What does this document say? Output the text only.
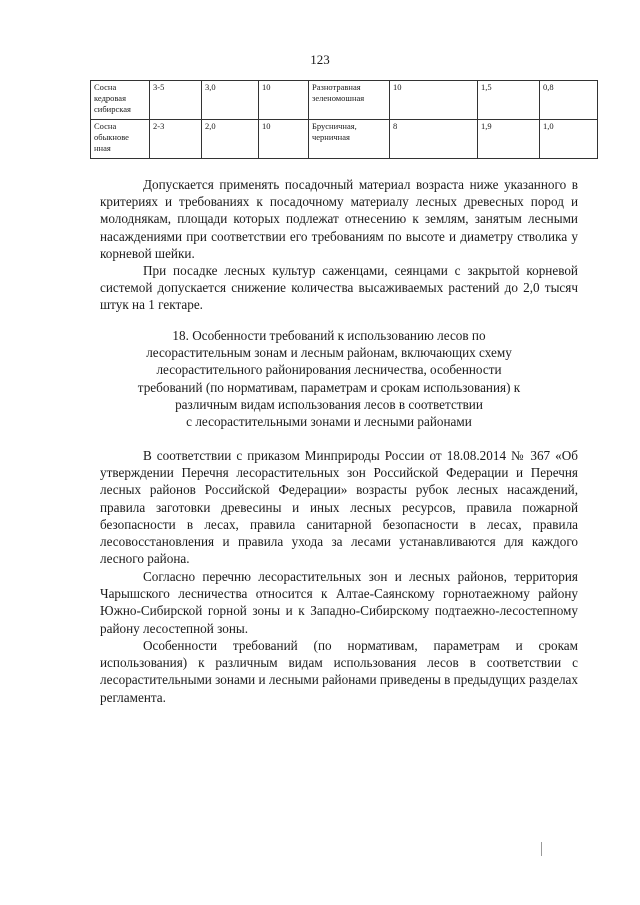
123
Сосна кедровая сибирская	3-5	3,0	10	Разнотравная зеленомошная	10	1,5	0,8
Сосна обыкнове нная	2-3	2,0	10	Брусничная, черничная	8	1,9	1,0

Допускается применять посадочный материал возраста ниже указанного в критериях и требованиях к посадочному материалу лесных древесных пород и молоднякам, площади которых подлежат отнесению к землям, занятым лесными насаждениями при соответствии его требованиям по высоте и диаметру стволика у корневой шейки.

При посадке лесных культур саженцами, сеянцами с закрытой корневой системой допускается снижение количества высаживаемых растений до 2,0 тысяч штук на 1 гектаре.

18. Особенности требований к использованию лесов по
лесорастительным зонам и лесным районам, включающих схему
лесорастительного районирования лесничества, особенности
требований (по нормативам, параметрам и срокам использования) к
различным видам использования лесов в соответствии
с лесорастительными зонами и лесными районами

В соответствии с приказом Минприроды России от 18.08.2014 № 367 «Об утверждении Перечня лесорастительных зон Российской Федерации и Перечня лесных районов Российской Федерации» возрасты рубок лесных насаждений, правила заготовки древесины и иных лесных ресурсов, правила пожарной безопасности в лесах, правила санитарной безопасности в лесах, правила лесовосстановления и правила ухода за лесами устанавливаются для каждого лесного района.

Согласно перечню лесорастительных зон и лесных районов, территория Чарышского лесничества относится к Алтае-Саянскому горнотаежному району Южно-Сибирской горной зоны и к Западно-Сибирскому подтаежно-лесостепному району лесостепной зоны.

Особенности требований (по нормативам, параметрам и срокам использования) к различным видам использования лесов в соответствии с лесорастительными зонами и лесными районами приведены в предыдущих разделах регламента.
